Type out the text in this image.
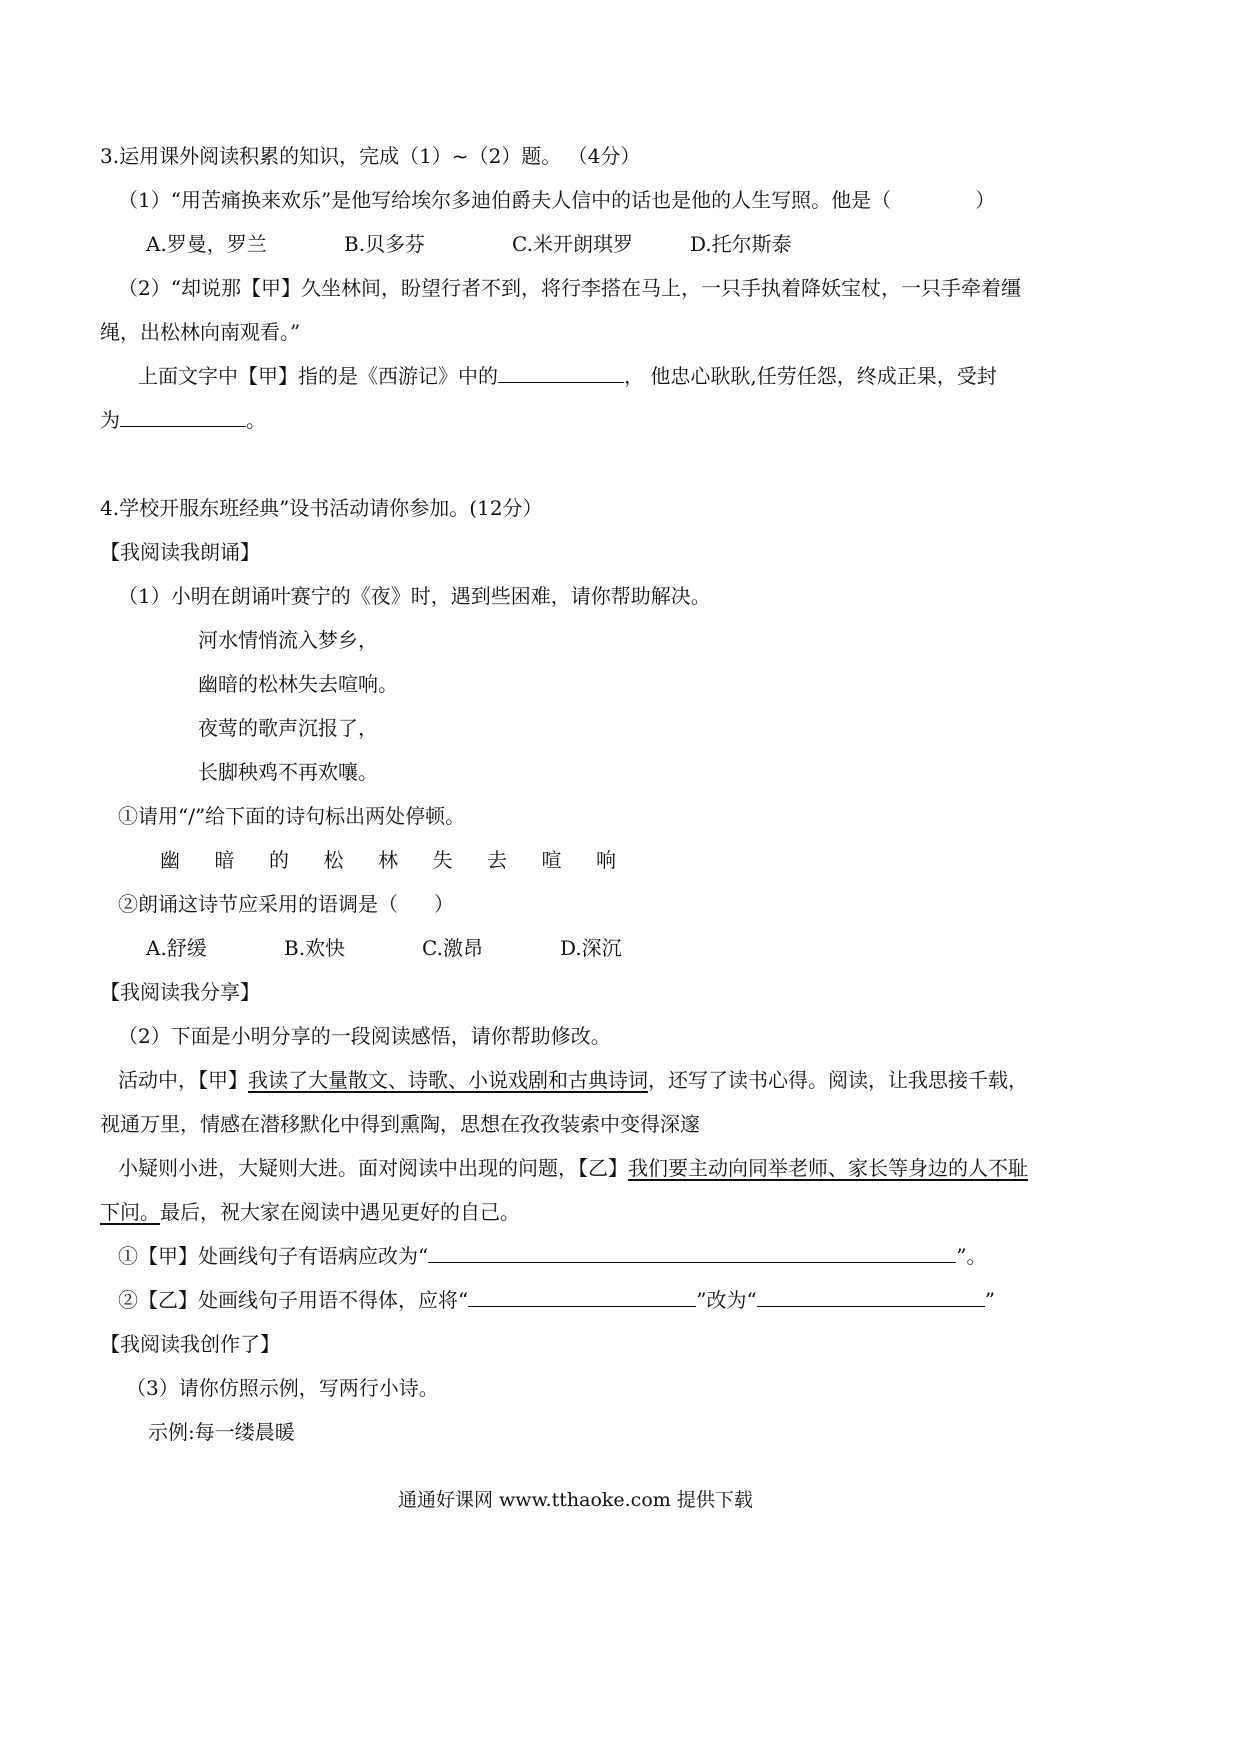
3.运用课外阅读积累的知识，完成（1）~（2）题。 （4分）
（1）“用苦痛换来欢乐”是他写给埃尔多迪伯爵夫人信中的话也是他的人生写照。他是（	）
A.罗曼，罗兰	B.贝多芬	C.米开朗琪罗	D.托尔斯泰
（2）“却说那【甲】久坐林间，盼望行者不到，将行李搭在马上，一只手执着降妖宝杖，一只手牵着缰
绳，出松林向南观看。”
上面文字中【甲】指的是《西游记》中的	， 他忠心耿耿,任劳任怨，终成正果，受封
为	。
4.学校开服东班经典”设书活动请你参加。(12分）
【我阅读我朗诵】
（1）小明在朗诵叶赛宁的《夜》时，遇到些困难，请你帮助解决。
河水情悄流入梦乡，
幽暗的松林失去喧响。
夜莺的歌声沉报了，
长脚秧鸡不再欢嚷。
①请用“/”给下面的诗句标出两处停顿。
幽 暗 的 松 林 失 去 喧 响
②朗诵这诗节应采用的语调是（ ）
A.舒缓	B.欢快	C.激昂	D.深沉
【我阅读我分享】
（2）下面是小明分享的一段阅读感悟，请你帮助修改。
活动中，【甲】我读了大量散文、诗歌、小说戏剧和古典诗词，还写了读书心得。阅读，让我思接千载，
视通万里，情感在潜移默化中得到熏陶，思想在孜孜装索中变得深邃
小疑则小进，大疑则大进。面对阅读中出现的问题，【乙】我们要主动向同举老师、家长等身边的人不耻
下问。最后，祝大家在阅读中遇见更好的自己。
①【甲】处画线句子有语病应改为“	”。
②【乙】处画线句子用语不得体，应将“	”改为“	”
【我阅读我创作了】
（3）请你仿照示例，写两行小诗。
示例:每一缕晨暖
通通好课网 www.tthaoke.com 提供下载
